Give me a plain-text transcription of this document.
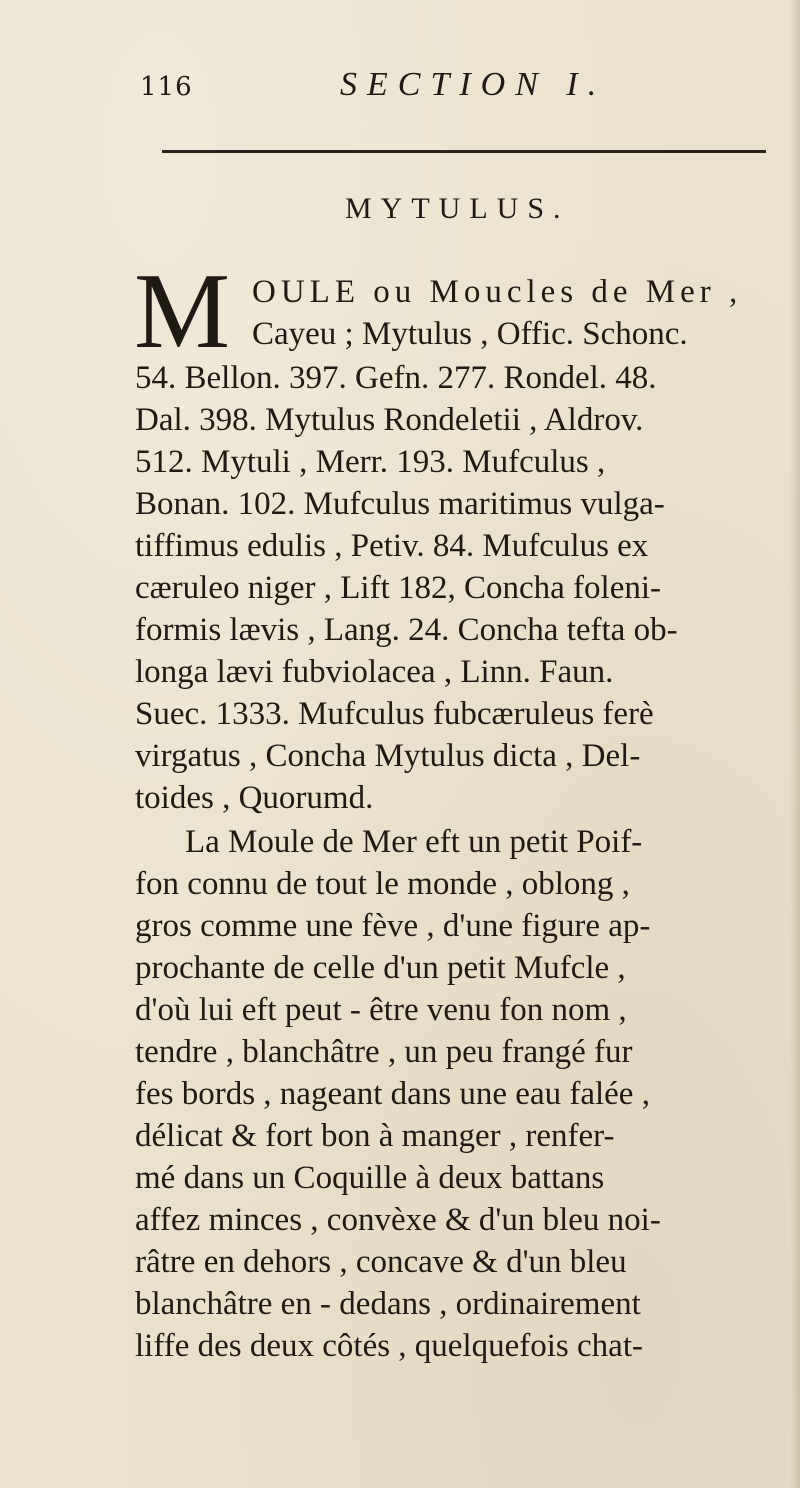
116	SECTION I.
MYTULUS.
M OULE ou Moucles de Mer ,
Cayeu ; Mytulus , Offic. Schonc.
54. Bellon. 397. Gefn. 277. Rondel. 48.
Dal. 398. Mytulus Rondeletii , Aldrov.
512. Mytuli , Merr. 193. Mufculus ,
Bonan. 102. Mufculus maritimus vulga-
tiffimus edulis , Petiv. 84. Mufculus ex
cæruleo niger , Lift 182, Concha foleni-
formis lævis , Lang. 24. Concha tefta ob-
longa lævi fubviolacea , Linn. Faun.
Suec. 1333. Mufculus fubcæruleus ferè
virgatus , Concha Mytulus dicta , Del-
toides , Quorumd.
La Moule de Mer eft un petit Poif-
fon connu de tout le monde , oblong ,
gros comme une fève , d'une figure ap-
prochante de celle d'un petit Mufcle ,
d'où lui eft peut - être venu fon nom ,
tendre , blanchâtre , un peu frangé fur
fes bords , nageant dans une eau falée ,
délicat & fort bon à manger , renfer-
mé dans un Coquille à deux battans
affez minces , convèxe & d'un bleu noi-
râtre en dehors , concave & d'un bleu
blanchâtre en - dedans , ordinairement
liffe des deux côtés , quelquefois chat-
